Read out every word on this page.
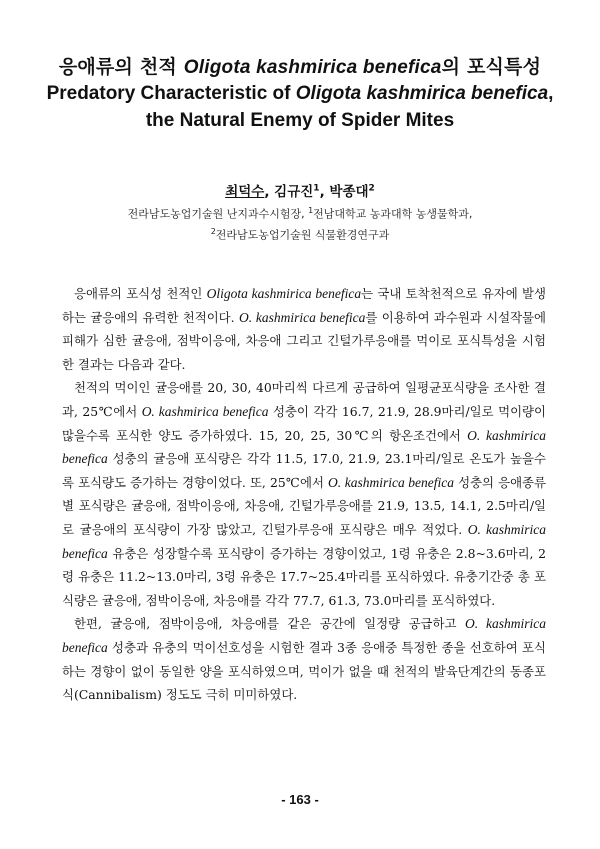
응애류의 천적 Oligota kashmirica benefica의 포식특성
Predatory Characteristic of Oligota kashmirica benefica, the Natural Enemy of Spider Mites
최덕수, 김규진$^1$, 박종대$^2$
전라남도농업기술원 난지과수시험장, $^1$전남대학교 농과대학 농생물학과,
$^2$전라남도농업기술원 식물환경연구과

응애류의 포식성 천적인 Oligota kashmirica benefica는 국내 토착천적으로 유자에 발생하는 귤응애의 유력한 천적이다. O. kashmirica benefica를 이용하여 과수원과 시설작물에 피해가 심한 귤응애, 점박이응애, 차응애 그리고 긴털가루응애를 먹이로 포식특성을 시험한 결과는 다음과 같다.

천적의 먹이인 귤응애를 20, 30, 40마리씩 다르게 공급하여 일평균포식량을 조사한 결과, 25℃에서 O. kashmirica benefica 성충이 각각 16.7, 21.9, 28.9마리/일로 먹이량이 많을수록 포식한 양도 증가하였다. 15, 20, 25, 30℃의 항온조건에서 O. kashmirica benefica 성충의 귤응애 포식량은 각각 11.5, 17.0, 21.9, 23.1마리/일로 온도가 높을수록 포식량도 증가하는 경향이었다. 또, 25℃에서 O. kashmirica benefica 성충의 응애종류별 포식량은 귤응애, 점박이응애, 차응애, 긴털가루응애를 21.9, 13.5, 14.1, 2.5마리/일로 귤응애의 포식량이 가장 많았고, 긴털가루응애 포식량은 매우 적었다. O. kashmirica benefica 유충은 성장할수록 포식량이 증가하는 경향이었고, 1령 유충은 2.8~3.6마리, 2령 유충은 11.2~13.0마리, 3령 유충은 17.7~25.4마리를 포식하였다. 유충기간중 총 포식량은 귤응애, 점박이응애, 차응애를 각각 77.7, 61.3, 73.0마리를 포식하였다.

한편, 귤응애, 점박이응애, 차응애를 같은 공간에 일정량 공급하고 O. kashmirica benefica 성충과 유충의 먹이선호성을 시험한 결과 3종 응애중 특정한 종을 선호하여 포식하는 경향이 없이 동일한 양을 포식하였으며, 먹이가 없을 때 천적의 발육단계간의 동종포식(Cannibalism) 정도도 극히 미미하였다.

- 163 -
